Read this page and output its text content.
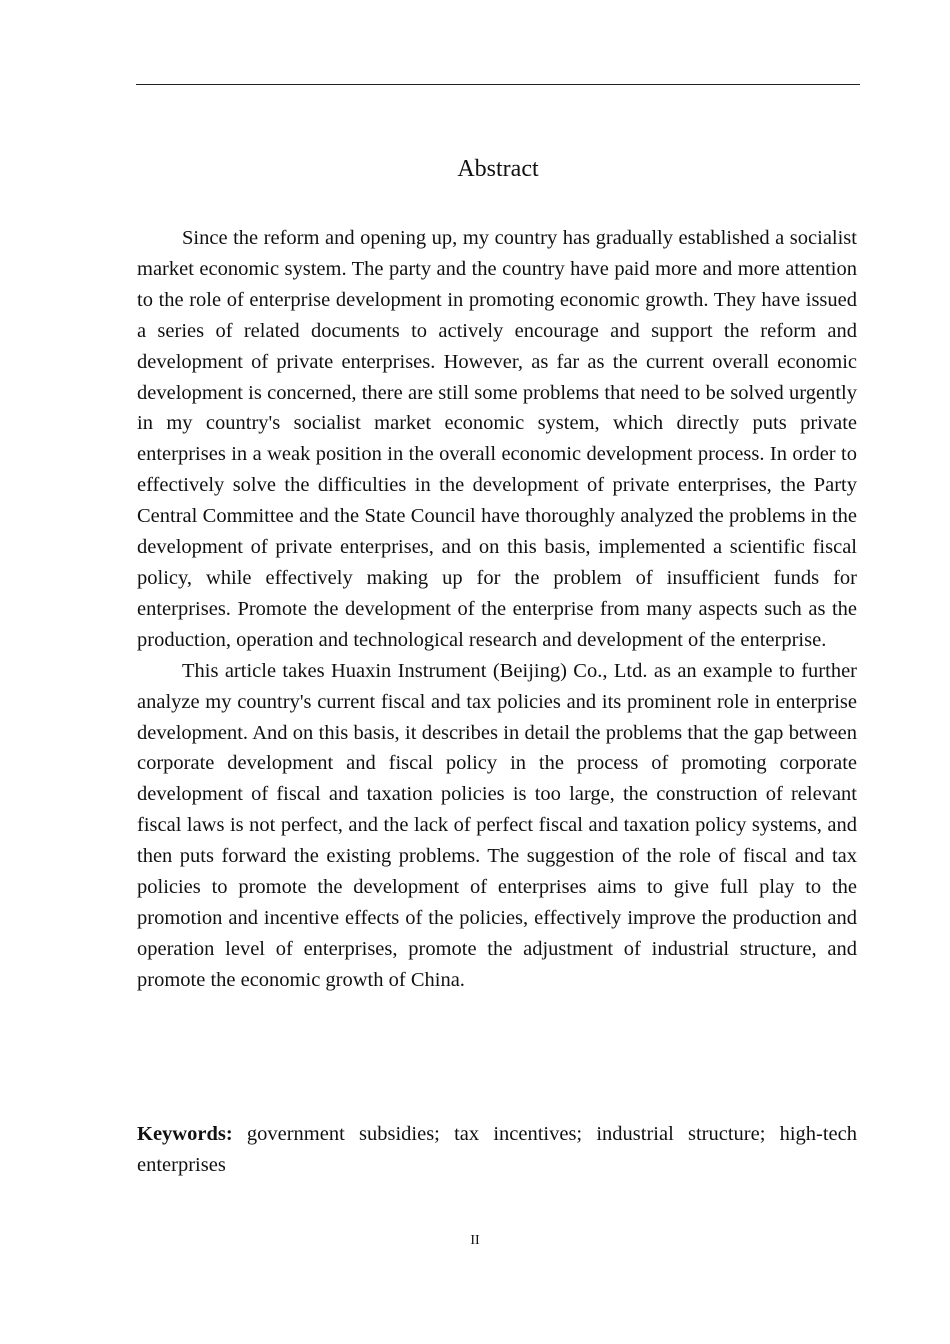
Abstract

Since the reform and opening up, my country has gradually established a socialist market economic system. The party and the country have paid more and more attention to the role of enterprise development in promoting economic growth. They have issued a series of related documents to actively encourage and support the reform and development of private enterprises. However, as far as the current overall economic development is concerned, there are still some problems that need to be solved urgently in my country's socialist market economic system, which directly puts private enterprises in a weak position in the overall economic development process. In order to effectively solve the difficulties in the development of private enterprises, the Party Central Committee and the State Council have thoroughly analyzed the problems in the development of private enterprises, and on this basis, implemented a scientific fiscal policy, while effectively making up for the problem of insufficient funds for enterprises. Promote the development of the enterprise from many aspects such as the production, operation and technological research and development of the enterprise.

This article takes Huaxin Instrument (Beijing) Co., Ltd. as an example to further analyze my country's current fiscal and tax policies and its prominent role in enterprise development. And on this basis, it describes in detail the problems that the gap between corporate development and fiscal policy in the process of promoting corporate development of fiscal and taxation policies is too large, the construction of relevant fiscal laws is not perfect, and the lack of perfect fiscal and taxation policy systems, and then puts forward the existing problems. The suggestion of the role of fiscal and tax policies to promote the development of enterprises aims to give full play to the promotion and incentive effects of the policies, effectively improve the production and operation level of enterprises, promote the adjustment of industrial structure, and promote the economic growth of China.

Keywords: government subsidies; tax incentives; industrial structure; high-tech enterprises
II
